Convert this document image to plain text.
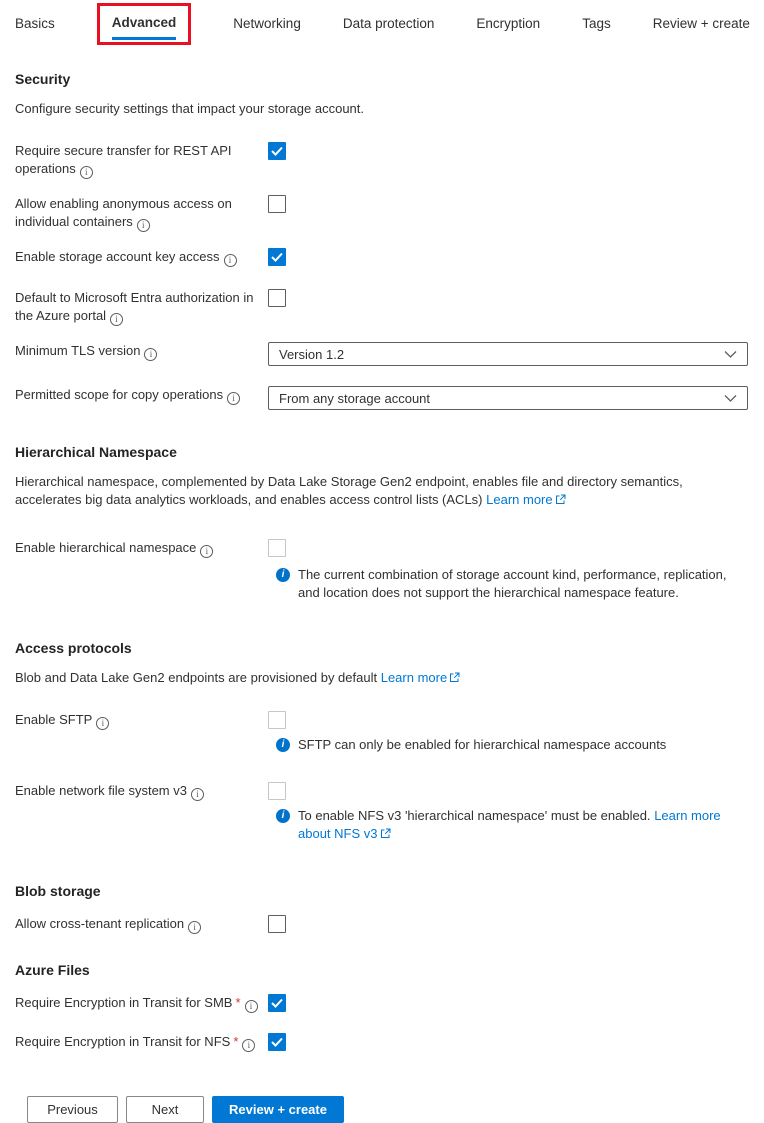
Basics	Advanced	Networking	Data protection	Encryption	Tags	Review + create
Security

Configure security settings that impact your storage account.

Require secure transfer for REST API operationsi
Allow enabling anonymous access on individual containersi
Enable storage account key accessi
Default to Microsoft Entra authorization in the Azure portali
Minimum TLS version i	Version 1.2
Permitted scope for copy operations i	From any storage account
Hierarchical Namespace

Hierarchical namespace, complemented by Data Lake Storage Gen2 endpoint, enables file and directory semantics, accelerates big data analytics workloads, and enables access control lists (ACLs) Learn more

Enable hierarchical namespacei
i
The current combination of storage account kind, performance, replication, and location does not support the hierarchical namespace feature.
Access protocols

Blob and Data Lake Gen2 endpoints are provisioned by default Learn more

Enable SFTPi
i
SFTP can only be enabled for hierarchical namespace accounts
Enable network file system v3i
i
To enable NFS v3 'hierarchical namespace' must be enabled. Learn more about NFS v3
Blob storage
Allow cross-tenant replicationi
Azure Files
Require Encryption in Transit for SMB *i
Require Encryption in Transit for NFS *i
Previous	Next	Review + create
